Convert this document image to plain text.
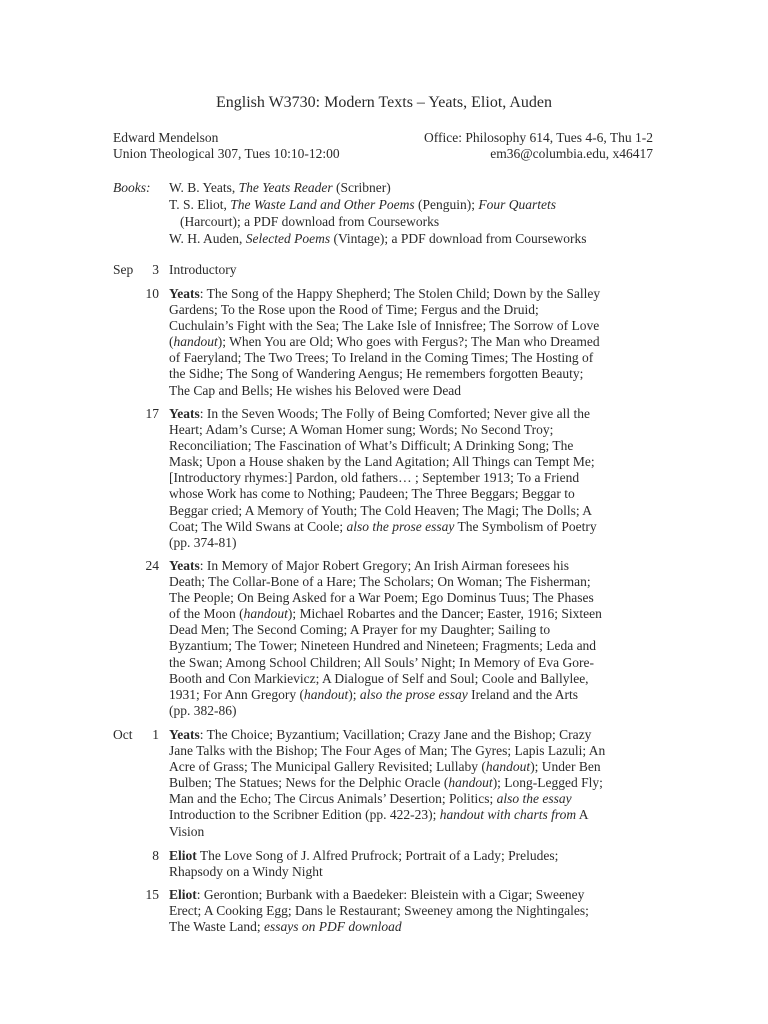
English W3730: Modern Texts – Yeats, Eliot, Auden
Edward Mendelson	Office: Philosophy 614, Tues 4-6, Thu 1-2
Union Theological 307, Tues 10:10-12:00	em36@columbia.edu, x46417
Books: W. B. Yeats, The Yeats Reader (Scribner)
T. S. Eliot, The Waste Land and Other Poems (Penguin); Four Quartets
(Harcourt); a PDF download from Courseworks
W. H. Auden, Selected Poems (Vintage); a PDF download from Courseworks
Sep 3 Introductory
10 Yeats: The Song of the Happy Shepherd; The Stolen Child; Down by the Salley
Gardens; To the Rose upon the Rood of Time; Fergus and the Druid;
Cuchulain’s Fight with the Sea; The Lake Isle of Innisfree; The Sorrow of Love
(handout); When You are Old; Who goes with Fergus?; The Man who Dreamed
of Faeryland; The Two Trees; To Ireland in the Coming Times; The Hosting of
the Sidhe; The Song of Wandering Aengus; He remembers forgotten Beauty;
The Cap and Bells; He wishes his Beloved were Dead
17 Yeats: In the Seven Woods; The Folly of Being Comforted; Never give all the
Heart; Adam’s Curse; A Woman Homer sung; Words; No Second Troy;
Reconciliation; The Fascination of What’s Difficult; A Drinking Song; The
Mask; Upon a House shaken by the Land Agitation; All Things can Tempt Me;
[Introductory rhymes:] Pardon, old fathers… ; September 1913; To a Friend
whose Work has come to Nothing; Paudeen; The Three Beggars; Beggar to
Beggar cried; A Memory of Youth; The Cold Heaven; The Magi; The Dolls; A
Coat; The Wild Swans at Coole; also the prose essay The Symbolism of Poetry
(pp. 374-81)
24 Yeats: In Memory of Major Robert Gregory; An Irish Airman foresees his
Death; The Collar-Bone of a Hare; The Scholars; On Woman; The Fisherman;
The People; On Being Asked for a War Poem; Ego Dominus Tuus; The Phases
of the Moon (handout); Michael Robartes and the Dancer; Easter, 1916; Sixteen
Dead Men; The Second Coming; A Prayer for my Daughter; Sailing to
Byzantium; The Tower; Nineteen Hundred and Nineteen; Fragments; Leda and
the Swan; Among School Children; All Souls’ Night; In Memory of Eva Gore-
Booth and Con Markievicz; A Dialogue of Self and Soul; Coole and Ballylee,
1931; For Ann Gregory (handout); also the prose essay Ireland and the Arts
(pp. 382-86)
Oct 1 Yeats: The Choice; Byzantium; Vacillation; Crazy Jane and the Bishop; Crazy
Jane Talks with the Bishop; The Four Ages of Man; The Gyres; Lapis Lazuli; An
Acre of Grass; The Municipal Gallery Revisited; Lullaby (handout); Under Ben
Bulben; The Statues; News for the Delphic Oracle (handout); Long-Legged Fly;
Man and the Echo; The Circus Animals’ Desertion; Politics; also the essay
Introduction to the Scribner Edition (pp. 422-23); handout with charts from A
Vision
8 Eliot The Love Song of J. Alfred Prufrock; Portrait of a Lady; Preludes;
Rhapsody on a Windy Night
15 Eliot: Gerontion; Burbank with a Baedeker: Bleistein with a Cigar; Sweeney
Erect; A Cooking Egg; Dans le Restaurant; Sweeney among the Nightingales;
The Waste Land; essays on PDF download
